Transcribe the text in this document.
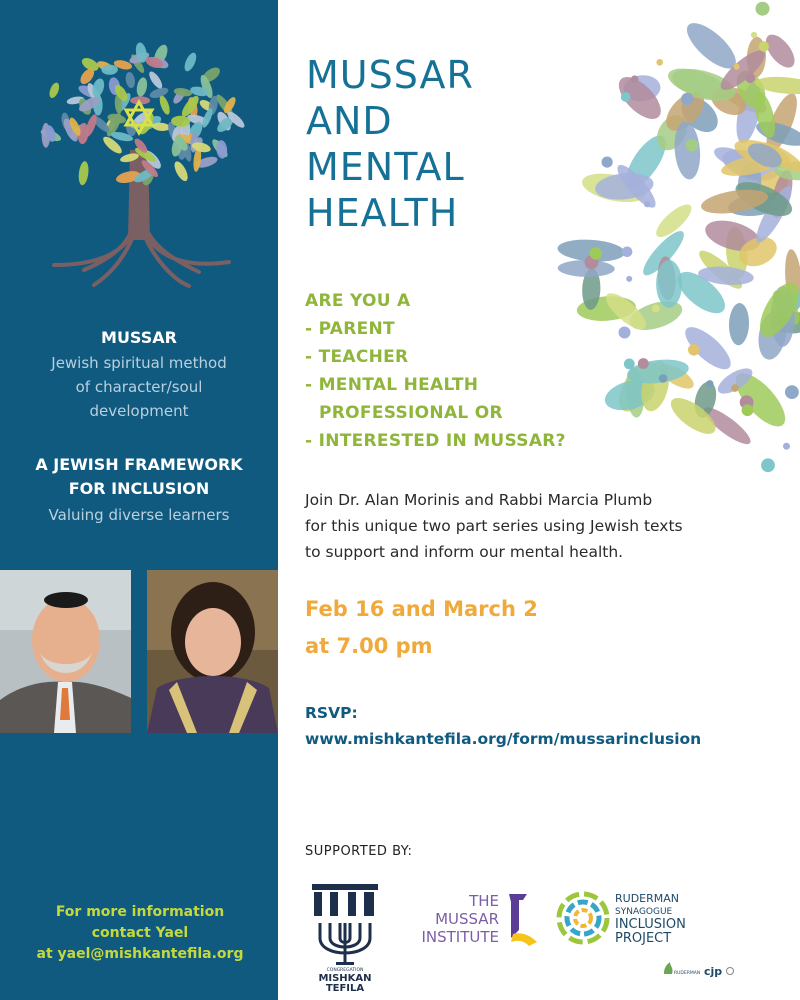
MUSSAR
Jewish spiritual method
of character/soul
development
A JEWISH FRAMEWORK
FOR INCLUSION
Valuing diverse learners
For more information
contact Yael
at yael@mishkantefila.org
MUSSAR
AND
MENTAL
HEALTH
ARE YOU A
- PARENT
- TEACHER
- MENTAL HEALTH
PROFESSIONAL OR
- INTERESTED IN MUSSAR?
Join Dr. Alan Morinis and Rabbi Marcia Plumb
for this unique two part series using Jewish texts
to support and inform our mental health.
Feb 16 and March 2
at 7.00 pm
RSVP:
www.mishkantefila.org/form/mussarinclusion
SUPPORTED BY:
CONGREGATION
MISHKAN
TEFILA
THE
MUSSAR
INSTITUTE
RUDERMAN
SYNAGOGUE
INCLUSION
PROJECT
RUDERMAN cjp
